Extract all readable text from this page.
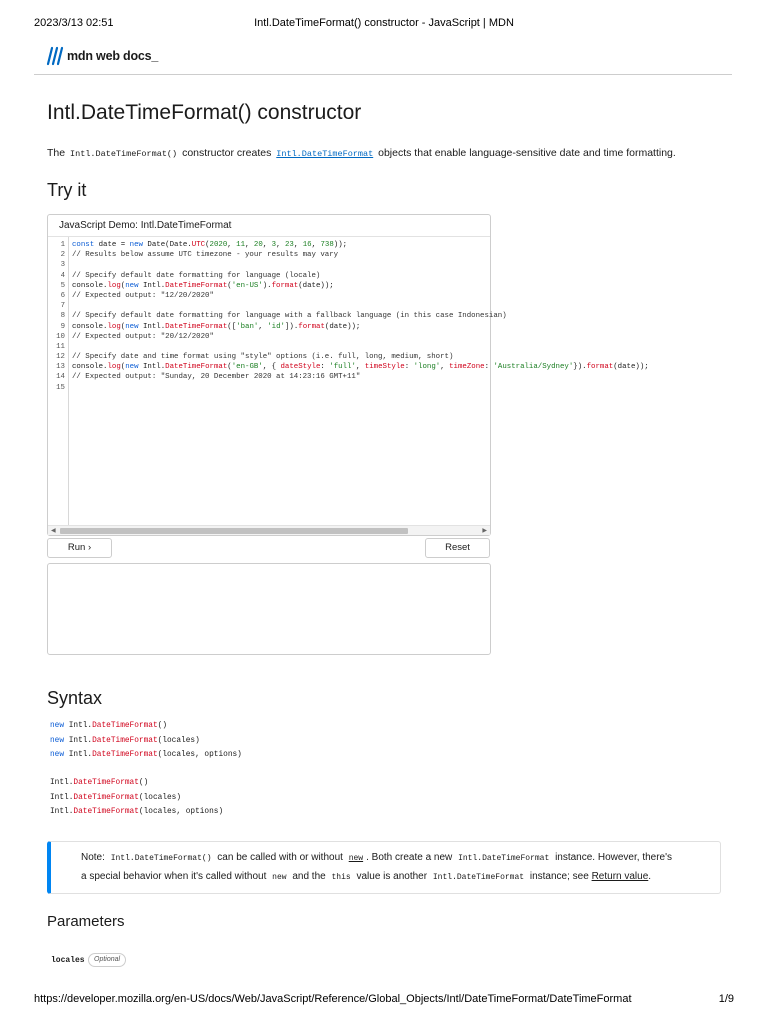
2023/3/13 02:51	Intl.DateTimeFormat() constructor - JavaScript | MDN
mdn web docs _
Intl.DateTimeFormat() constructor

The Intl.DateTimeFormat() constructor creates Intl.DateTimeFormat objects that enable language-sensitive date and time formatting.

Try it
JavaScript Demo: Intl.DateTimeFormat
1
2
3
4
5
6
7
8
9
10
11
12
13
14
15
const date = new Date(Date.UTC(2020, 11, 20, 3, 23, 16, 738));
// Results below assume UTC timezone - your results may vary

// Specify default date formatting for language (locale)
console.log(new Intl.DateTimeFormat('en-US').format(date));
// Expected output: "12/20/2020"

// Specify default date formatting for language with a fallback language (in this case Indonesian)
console.log(new Intl.DateTimeFormat(['ban', 'id']).format(date));
// Expected output: "20/12/2020"

// Specify date and time format using "style" options (i.e. full, long, medium, short)
console.log(new Intl.DateTimeFormat('en-GB', { dateStyle: 'full', timeStyle: 'long', timeZone: 'Australia/Sydney'}).format(date));
// Expected output: "Sunday, 20 December 2020 at 14:23:16 GMT+11"

◀	▶
Run ›	Reset
Syntax
new Intl.DateTimeFormat()
new Intl.DateTimeFormat(locales)
new Intl.DateTimeFormat(locales, options)
Intl.DateTimeFormat()
Intl.DateTimeFormat(locales)
Intl.DateTimeFormat(locales, options)
Note: Intl.DateTimeFormat() can be called with or without new . Both create a new Intl.DateTimeFormat instance. However, there's
a special behavior when it's called without new and the this value is another Intl.DateTimeFormat instance; see Return value.
Parameters
locales	Optional
https://developer.mozilla.org/en-US/docs/Web/JavaScript/Reference/Global_Objects/Intl/DateTimeFormat/DateTimeFormat	1/9
